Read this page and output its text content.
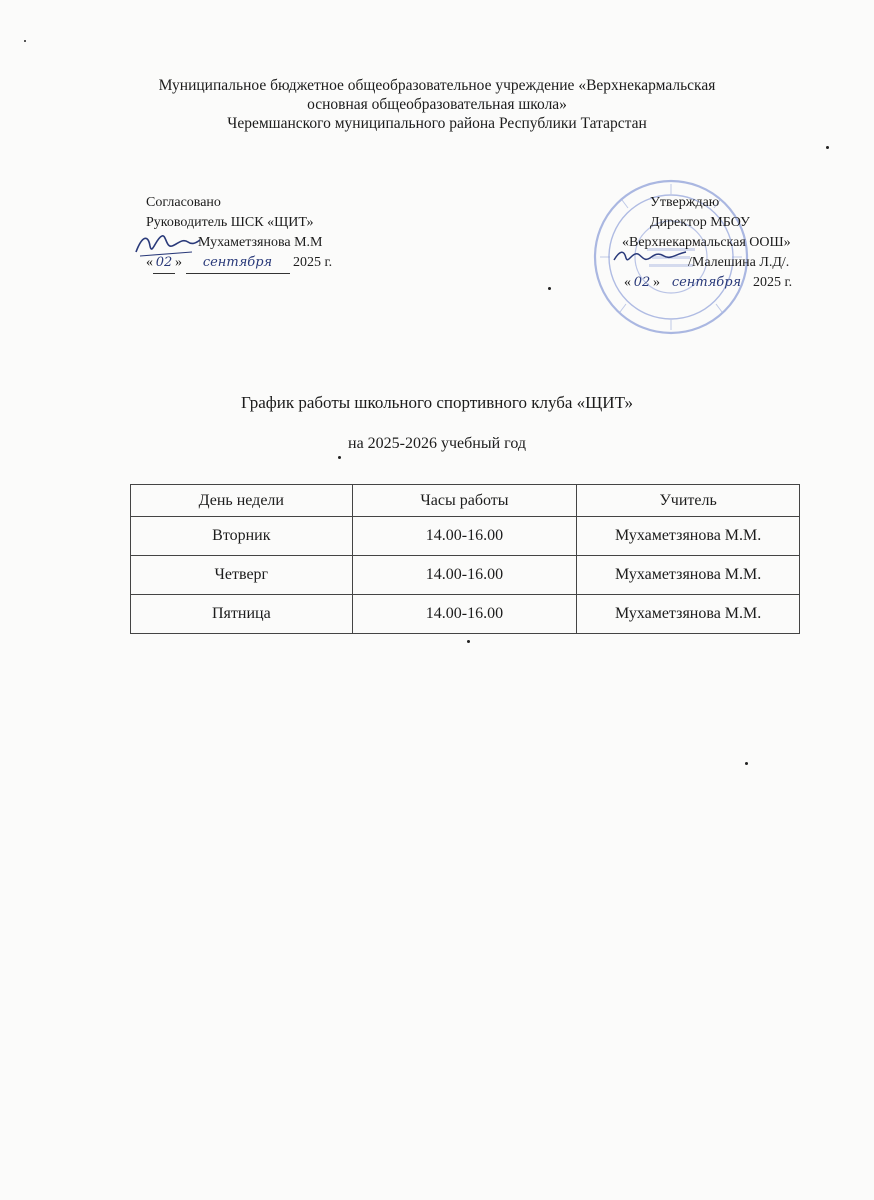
Муниципальное бюджетное общеобразовательное учреждение «Верхнекармальская
основная общеобразовательная школа»
Черемшанского муниципального района Республики Татарстан
Согласовано
Руководитель ШСК «ЩИТ»
Мухаметзянова М.М
« 02 » сентября 2025 г.
Утверждаю
Директор МБОУ
«Верхнекармальская ООШ»
/Малешина Л.Д/.
« 02 » сентября 2025 г.
График работы школьного спортивного клуба «ЩИТ»
на 2025-2026 учебный год
День недели	Часы работы	Учитель
Вторник	14.00-16.00	Мухаметзянова М.М.
Четверг	14.00-16.00	Мухаметзянова М.М.
Пятница	14.00-16.00	Мухаметзянова М.М.
